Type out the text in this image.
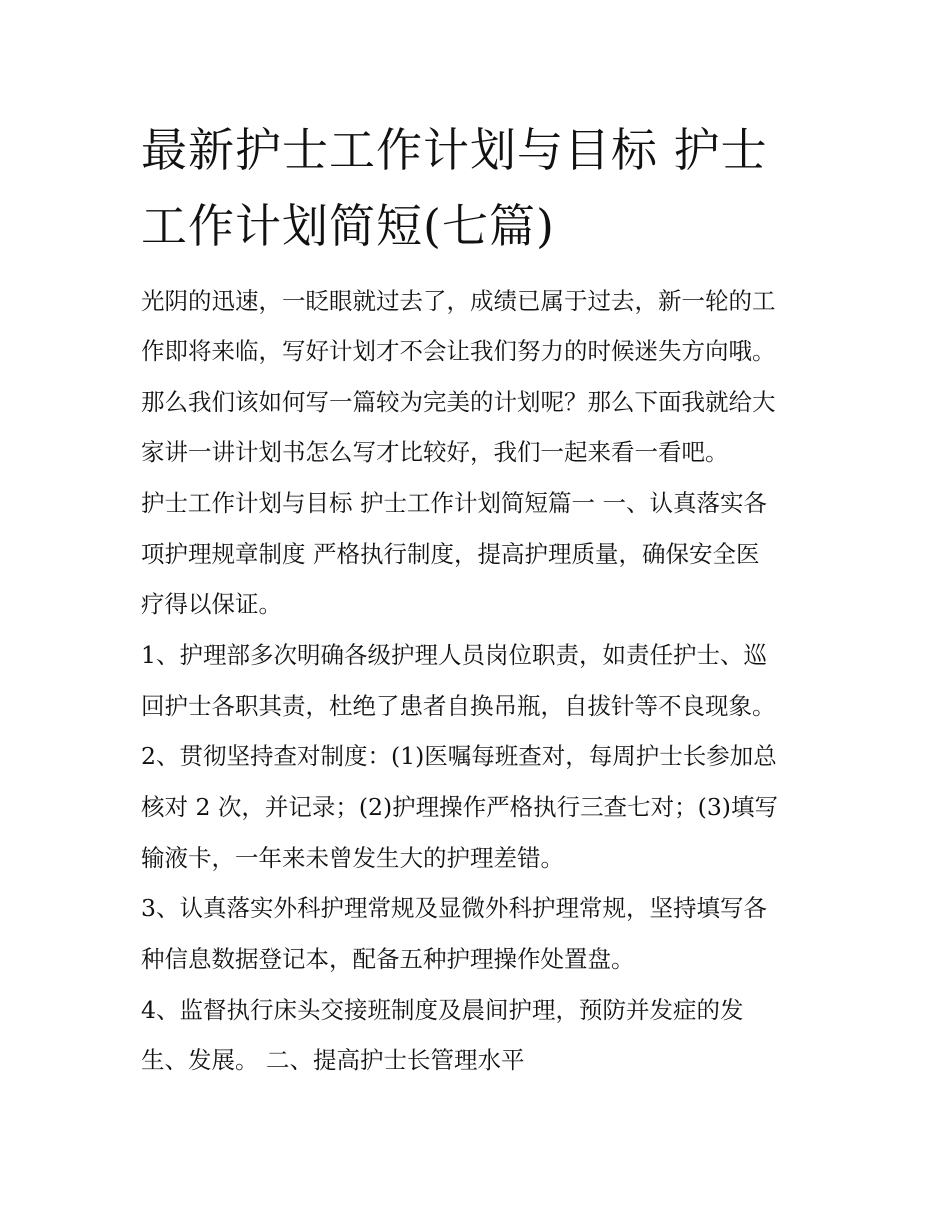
最新护士工作计划与目标 护士
工作计划简短(七篇)
光阴的迅速，一眨眼就过去了，成绩已属于过去，新一轮的工
作即将来临，写好计划才不会让我们努力的时候迷失方向哦。
那么我们该如何写一篇较为完美的计划呢？那么下面我就给大
家讲一讲计划书怎么写才比较好，我们一起来看一看吧。
护士工作计划与目标 护士工作计划简短篇一 一、认真落实各
项护理规章制度 严格执行制度，提高护理质量，确保安全医
疗得以保证。
1、护理部多次明确各级护理人员岗位职责，如责任护士、巡
回护士各职其责，杜绝了患者自换吊瓶，自拔针等不良现象。
2、贯彻坚持查对制度：(1)医嘱每班查对，每周护士长参加总
核对 2 次，并记录；(2)护理操作严格执行三查七对；(3)填写
输液卡，一年来未曾发生大的护理差错。
3、认真落实外科护理常规及显微外科护理常规，坚持填写各
种信息数据登记本，配备五种护理操作处置盘。
4、监督执行床头交接班制度及晨间护理，预防并发症的发
生、发展。 二、提高护士长管理水平
